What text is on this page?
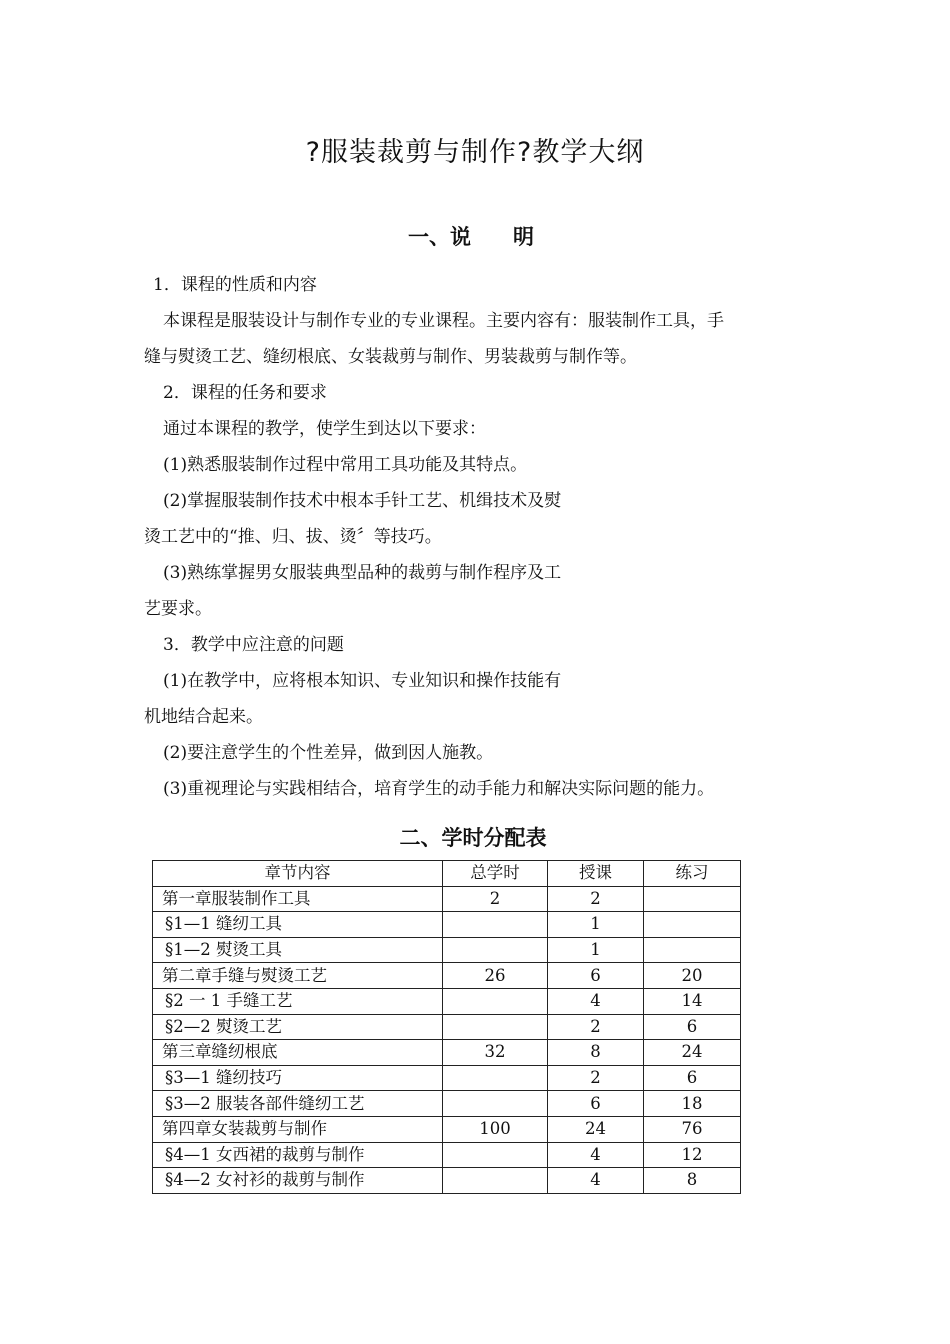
?服装裁剪与制作?教学大纲
一、说　　明
1．课程的性质和内容
本课程是服装设计与制作专业的专业课程。主要内容有：服装制作工具，手
缝与熨烫工艺、缝纫根底、女装裁剪与制作、男装裁剪与制作等。
2．课程的任务和要求
通过本课程的教学，使学生到达以下要求：
(1)熟悉服装制作过程中常用工具功能及其特点。
(2)掌握服装制作技术中根本手针工艺、机缉技术及熨
烫工艺中的“推、归、拔、烫〞等技巧。
(3)熟练掌握男女服装典型品种的裁剪与制作程序及工
艺要求。
3．教学中应注意的问题
(1)在教学中，应将根本知识、专业知识和操作技能有
机地结合起来。
(2)要注意学生的个性差异，做到因人施教。
(3)重视理论与实践相结合，培育学生的动手能力和解决实际问题的能力。
二、学时分配表
章节内容	总学时	授课	练习
第一章服装制作工具	2	2	
§1—1 缝纫工具		1	
§1—2 熨烫工具		1	
第二章手缝与熨烫工艺	26	6	20
§2 一 1 手缝工艺		4	14
§2—2 熨烫工艺		2	6
第三章缝纫根底	32	8	24
§3—1 缝纫技巧		2	6
§3—2 服装各部件缝纫工艺		6	18
第四章女装裁剪与制作	100	24	76
§4—1 女西裙的裁剪与制作		4	12
§4—2 女衬衫的裁剪与制作		4	8
